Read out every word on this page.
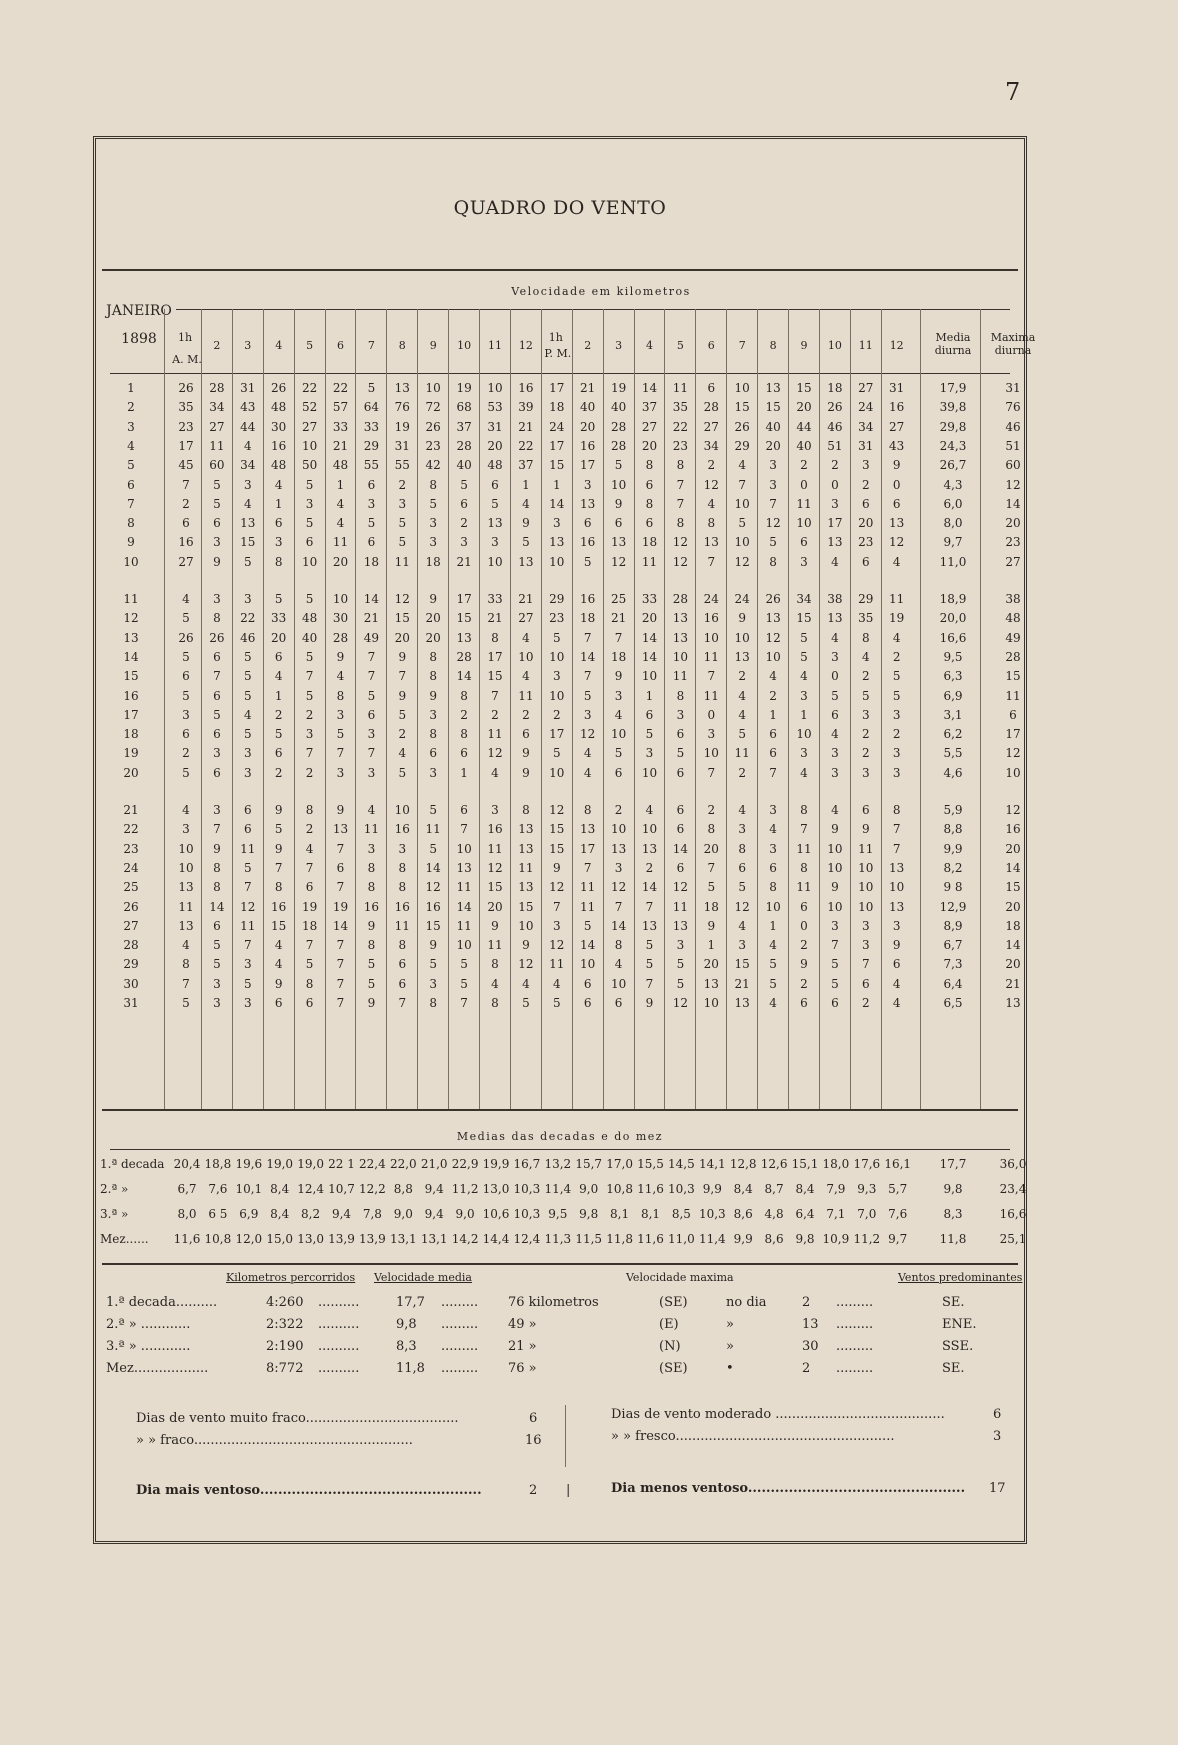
7
QUADRO DO VENTO
JANEIRO
1898
Velocidade em kilometros
1h
A. M.
2	3	4	5	6	7	8	9	10	11	12
1h
P. M.
2	3	4	5	6	7	8	9	10	11	12
Media
diurna
Maxima
diurna
1	26	28	31	26	22	22	5	13	10	19	10	16	17	21	19	14	11	6	10	13	15	18	27	31	17,9	31
2	35	34	43	48	52	57	64	76	72	68	53	39	18	40	40	37	35	28	15	15	20	26	24	16	39,8	76
3	23	27	44	30	27	33	33	19	26	37	31	21	24	20	28	27	22	27	26	40	44	46	34	27	29,8	46
4	17	11	4	16	10	21	29	31	23	28	20	22	17	16	28	20	23	34	29	20	40	51	31	43	24,3	51
5	45	60	34	48	50	48	55	55	42	40	48	37	15	17	5	8	8	2	4	3	2	2	3	9	26,7	60
6	7	5	3	4	5	1	6	2	8	5	6	1	1	3	10	6	7	12	7	3	0	0	2	0	4,3	12
7	2	5	4	1	3	4	3	3	5	6	5	4	14	13	9	8	7	4	10	7	11	3	6	6	6,0	14
8	6	6	13	6	5	4	5	5	3	2	13	9	3	6	6	6	8	8	5	12	10	17	20	13	8,0	20
9	16	3	15	3	6	11	6	5	3	3	3	5	13	16	13	18	12	13	10	5	6	13	23	12	9,7	23
10	27	9	5	8	10	20	18	11	18	21	10	13	10	5	12	11	12	7	12	8	3	4	6	4	11,0	27
11	4	3	3	5	5	10	14	12	9	17	33	21	29	16	25	33	28	24	24	26	34	38	29	11	18,9	38
12	5	8	22	33	48	30	21	15	20	15	21	27	23	18	21	20	13	16	9	13	15	13	35	19	20,0	48
13	26	26	46	20	40	28	49	20	20	13	8	4	5	7	7	14	13	10	10	12	5	4	8	4	16,6	49
14	5	6	5	6	5	9	7	9	8	28	17	10	10	14	18	14	10	11	13	10	5	3	4	2	9,5	28
15	6	7	5	4	7	4	7	7	8	14	15	4	3	7	9	10	11	7	2	4	4	0	2	5	6,3	15
16	5	6	5	1	5	8	5	9	9	8	7	11	10	5	3	1	8	11	4	2	3	5	5	5	6,9	11
17	3	5	4	2	2	3	6	5	3	2	2	2	2	3	4	6	3	0	4	1	1	6	3	3	3,1	6
18	6	6	5	5	3	5	3	2	8	8	11	6	17	12	10	5	6	3	5	6	10	4	2	2	6,2	17
19	2	3	3	6	7	7	7	4	6	6	12	9	5	4	5	3	5	10	11	6	3	3	2	3	5,5	12
20	5	6	3	2	2	3	3	5	3	1	4	9	10	4	6	10	6	7	2	7	4	3	3	3	4,6	10
21	4	3	6	9	8	9	4	10	5	6	3	8	12	8	2	4	6	2	4	3	8	4	6	8	5,9	12
22	3	7	6	5	2	13	11	16	11	7	16	13	15	13	10	10	6	8	3	4	7	9	9	7	8,8	16
23	10	9	11	9	4	7	3	3	5	10	11	13	15	17	13	13	14	20	8	3	11	10	11	7	9,9	20
24	10	8	5	7	7	6	8	8	14	13	12	11	9	7	3	2	6	7	6	6	8	10	10	13	8,2	14
25	13	8	7	8	6	7	8	8	12	11	15	13	12	11	12	14	12	5	5	8	11	9	10	10	9 8	15
26	11	14	12	16	19	19	16	16	16	14	20	15	7	11	7	7	11	18	12	10	6	10	10	13	12,9	20
27	13	6	11	15	18	14	9	11	15	11	9	10	3	5	14	13	13	9	4	1	0	3	3	3	8,9	18
28	4	5	7	4	7	7	8	8	9	10	11	9	12	14	8	5	3	1	3	4	2	7	3	9	6,7	14
29	8	5	3	4	5	7	5	6	5	5	8	12	11	10	4	5	5	20	15	5	9	5	7	6	7,3	20
30	7	3	5	9	8	7	5	6	3	5	4	4	4	6	10	7	5	13	21	5	2	5	6	4	6,4	21
31	5	3	3	6	6	7	9	7	8	7	8	5	5	6	6	9	12	10	13	4	6	6	2	4	6,5	13
Medias das decadas e do mez
1.ª decada 20,4 18,8 19,6 19,0 19,0 22 1 22,4 22,0 21,0 22,9 19,9 16,7 13,2 15,7 17,0 15,5 14,5 14,1 12,8 12,6 15,1 18,0 17,6 16,1	17,7	36,0
2.ª »	6,7 7,6 10,1 8,4 12,4 10,7 12,2 8,8 9,4 11,2 13,0 10,3 11,4 9,0 10,8 11,6 10,3 9,9 8,4 8,7 8,4 7,9 9,3 5,7	9,8	23,4
3.ª »	8,0 6 5 6,9 8,4 8,2 9,4 7,8 9,0 9,4 9,0 10,6 10,3 9,5 9,8 8,1 8,1 8,5 10,3 8,6 4,8 6,4 7,1 7,0 7,6	8,3	16,6
Mez......	11,6 10,8 12,0 15,0 13,0 13,9 13,9 13,1 13,1 14,2 14,4 12,4 11,3 11,5 11,8 11,6 11,0 11,4 9,9 8,6 9,8 10,9 11,2 9,7	11,8	25,1
Kilometros percorridos Velocidade media	Velocidade maxima	Ventos predominantes
1.ª decada..........	4:260 ..........	17,7 ......... 76 kilometros	(SE)	no dia	2 .........	SE.
2.ª » ............	2:322 ..........	9,8 ......... 49 »	(E)	»	13 .........	ENE.
3.ª » ............	2:190 ..........	8,3 ......... 21 »	(N)	»	30 .........	SSE.
Mez..................	8:772 ..........	11,8 ......... 76 »	(SE)	•	2 .........	SE.
Dias de vento muito fraco.....................................	6
» » fraco.....................................................	16
Dias de vento moderado .........................................	6
» » fresco.....................................................	3
Dia mais ventoso.................................................	2 |	Dia menos ventoso................................................ 17
